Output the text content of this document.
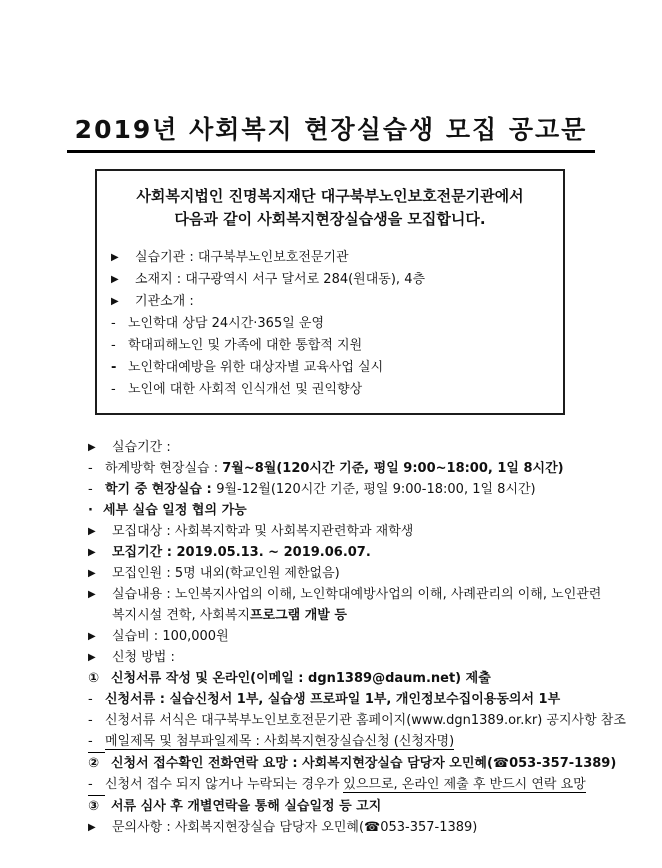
2019년 사회복지 현장실습생 모집 공고문
사회복지법인 진명복지재단 대구북부노인보호전문기관에서
다음과 같이 사회복지현장실습생을 모집합니다.
▶ 실습기관 : 대구북부노인보호전문기관
▶ 소재지 : 대구광역시 서구 달서로 284(원대동), 4층
▶ 기관소개 :
- 노인학대 상담 24시간·365일 운영
- 학대피해노인 및 가족에 대한 통합적 지원
- 노인학대예방을 위한 대상자별 교육사업 실시
- 노인에 대한 사회적 인식개선 및 권익향상
▶ 실습기간 :
- 하계방학 현장실습 : 7월~8월(120시간 기준, 평일 9:00~18:00, 1일 8시간)
- 학기 중 현장실습 : 9월-12월(120시간 기준, 평일 9:00-18:00, 1일 8시간)
· 세부 실습 일정 협의 가능
▶ 모집대상 : 사회복지학과 및 사회복지관련학과 재학생
▶ 모집기간 : 2019.05.13. ~ 2019.06.07.
▶ 모집인원 : 5명 내외(학교인원 제한없음)
▶ 실습내용 : 노인복지사업의 이해, 노인학대예방사업의 이해, 사례관리의 이해, 노인관련
복지시설 견학, 사회복지프로그램 개발 등
▶ 실습비 : 100,000원
▶ 신청 방법 :
① 신청서류 작성 및 온라인(이메일 : dgn1389@daum.net) 제출
- 신청서류 : 실습신청서 1부, 실습생 프로파일 1부, 개인정보수집이용동의서 1부
- 신청서류 서식은 대구북부노인보호전문기관 홈페이지(www.dgn1389.or.kr) 공지사항 참조
- 메일제목 및 첨부파일제목 : 사회복지현장실습신청 (신청자명)
② 신청서 접수확인 전화연락 요망 : 사회복지현장실습 담당자 오민혜(☎053-357-1389)
- 신청서 접수 되지 않거나 누락되는 경우가 있으므로, 온라인 제출 후 반드시 연락 요망
③ 서류 심사 후 개별연락을 통해 실습일정 등 고지
▶ 문의사항 : 사회복지현장실습 담당자 오민혜(☎053-357-1389)
